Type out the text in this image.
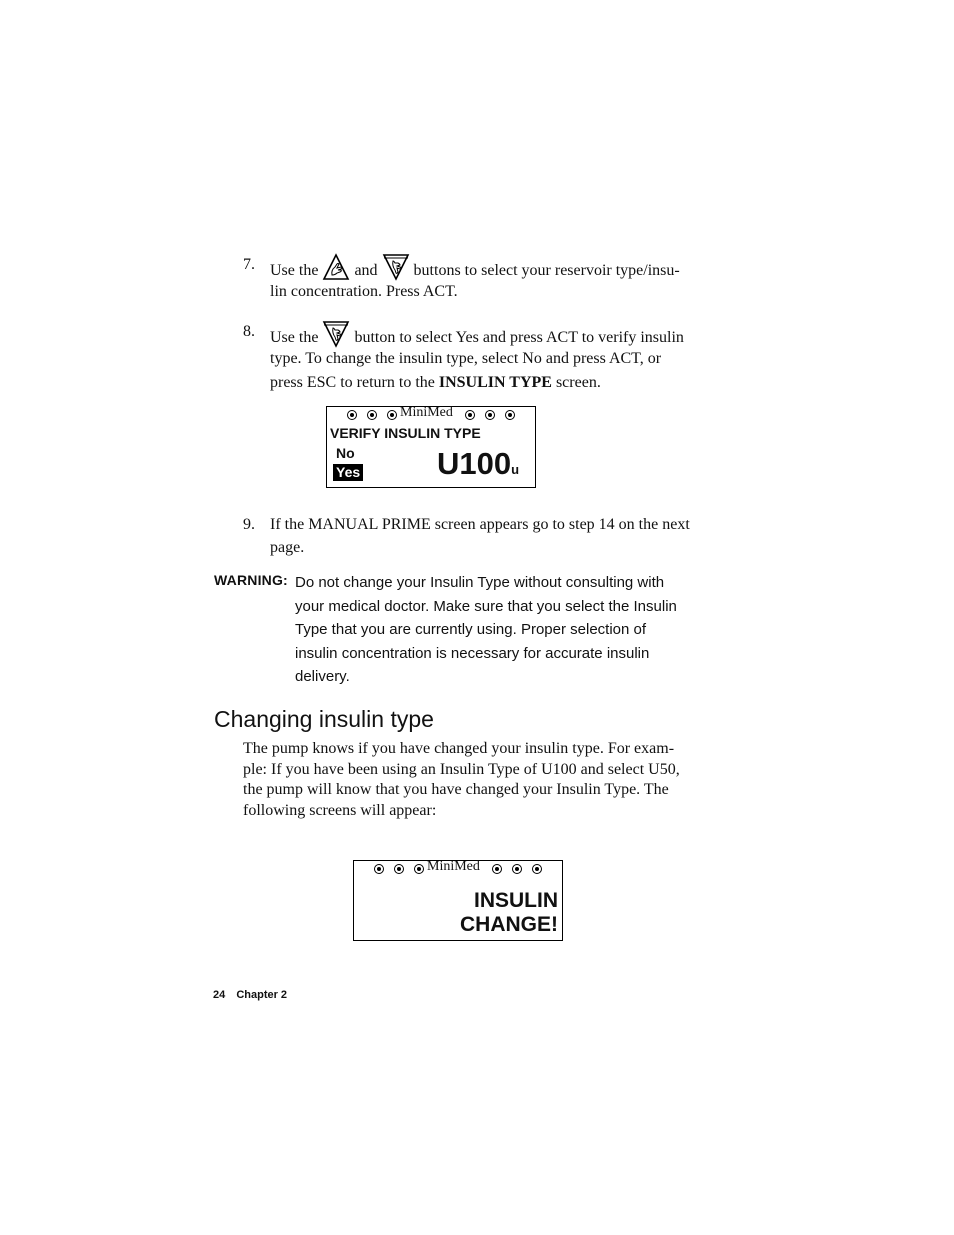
7. Use the and buttons to select your reservoir type/insu-
lin concentration. Press ACT.
8. Use the button to select Yes and press ACT to verify insulin
type. To change the insulin type, select No and press ACT, or
press ESC to return to the INSULIN TYPE screen.
MiniMed
VERIFY INSULIN TYPE
No
Yes U100u
9. If the MANUAL PRIME screen appears go to step 14 on the next
page.
WARNING: Do not change your Insulin Type without consulting with
your medical doctor. Make sure that you select the Insulin
Type that you are currently using. Proper selection of
insulin concentration is necessary for accurate insulin
delivery.
Changing insulin type
The pump knows if you have changed your insulin type. For exam-
ple: If you have been using an Insulin Type of U100 and select U50,
the pump will know that you have changed your Insulin Type. The
following screens will appear:
MiniMed
INSULIN
CHANGE!
24 Chapter 2
